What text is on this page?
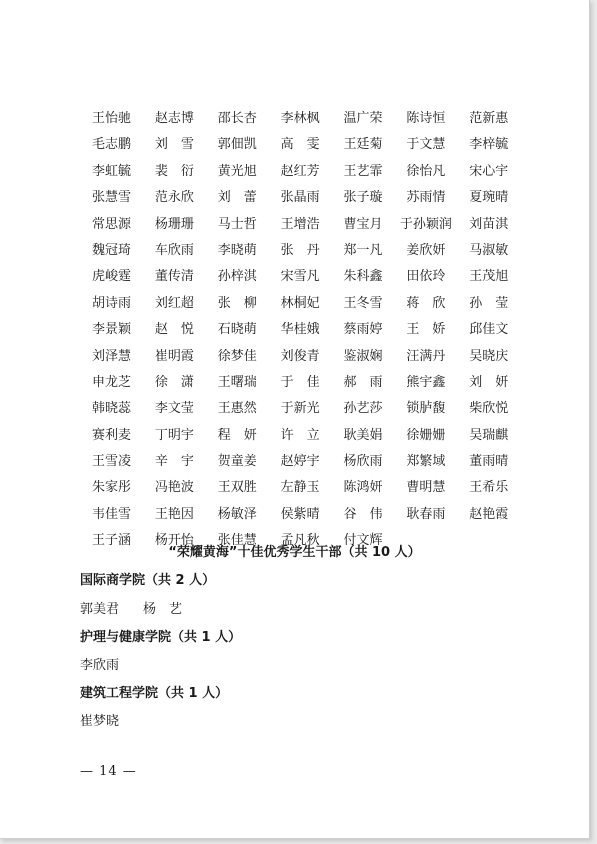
王怡驰	赵志博	邵长杏	李林枫	温广荣	陈诗恒	范新惠
毛志鹏	刘　雪	郭佃凯	高　雯	王廷菊	于文慧	李梓毓
李虹毓	裴　衍	黄光旭	赵红芳	王艺霏	徐怡凡	宋心宇
张慧雪	范永欣	刘　蕾	张晶雨	张子璇	苏雨情	夏琬晴
常思源	杨珊珊	马士哲	王增浩	曹宝月	于孙颖润	刘苗淇
魏冠琦	车欣雨	李晓萌	张　丹	郑一凡	姜欣妍	马淑敏
虎峻霆	董传清	孙梓淇	宋雪凡	朱科鑫	田依玲	王茂旭
胡诗雨	刘红超	张　柳	林桐妃	王冬雪	蒋　欣	孙　莹
李景颖	赵　悦	石晓萌	华桂娥	蔡雨婷	王　娇	邱佳文
刘泽慧	崔明霞	徐梦佳	刘俊青	鉴淑娴	汪满丹	吴晓庆
申龙芝	徐　潇	王曙瑞	于　佳	郝　雨	熊宇鑫	刘　妍
韩晓蕊	李文莹	王惠然	于新光	孙艺莎	锁胪馥	柴欣悦
赛利麦	丁明宇	程　妍	许　立	耿美娟	徐姗姗	吴瑞麒
王雪凌	辛　宇	贺童姜	赵婷宇	杨欣雨	郑繁域	董雨晴
朱家彤	冯艳波	王双胜	左静玉	陈鸿妍	曹明慧	王希乐
韦佳雪	王艳因	杨敏泽	侯紫晴	谷　伟	耿春雨	赵艳霞
王子涵	杨开怡	张佳慧	孟凡秋	付文辉
“荣耀黄海”十佳优秀学生干部（共 10 人）
国际商学院（共 2 人）
郭美君 杨　艺
护理与健康学院（共 1 人）
李欣雨
建筑工程学院（共 1 人）
崔梦晓
— 14 —
